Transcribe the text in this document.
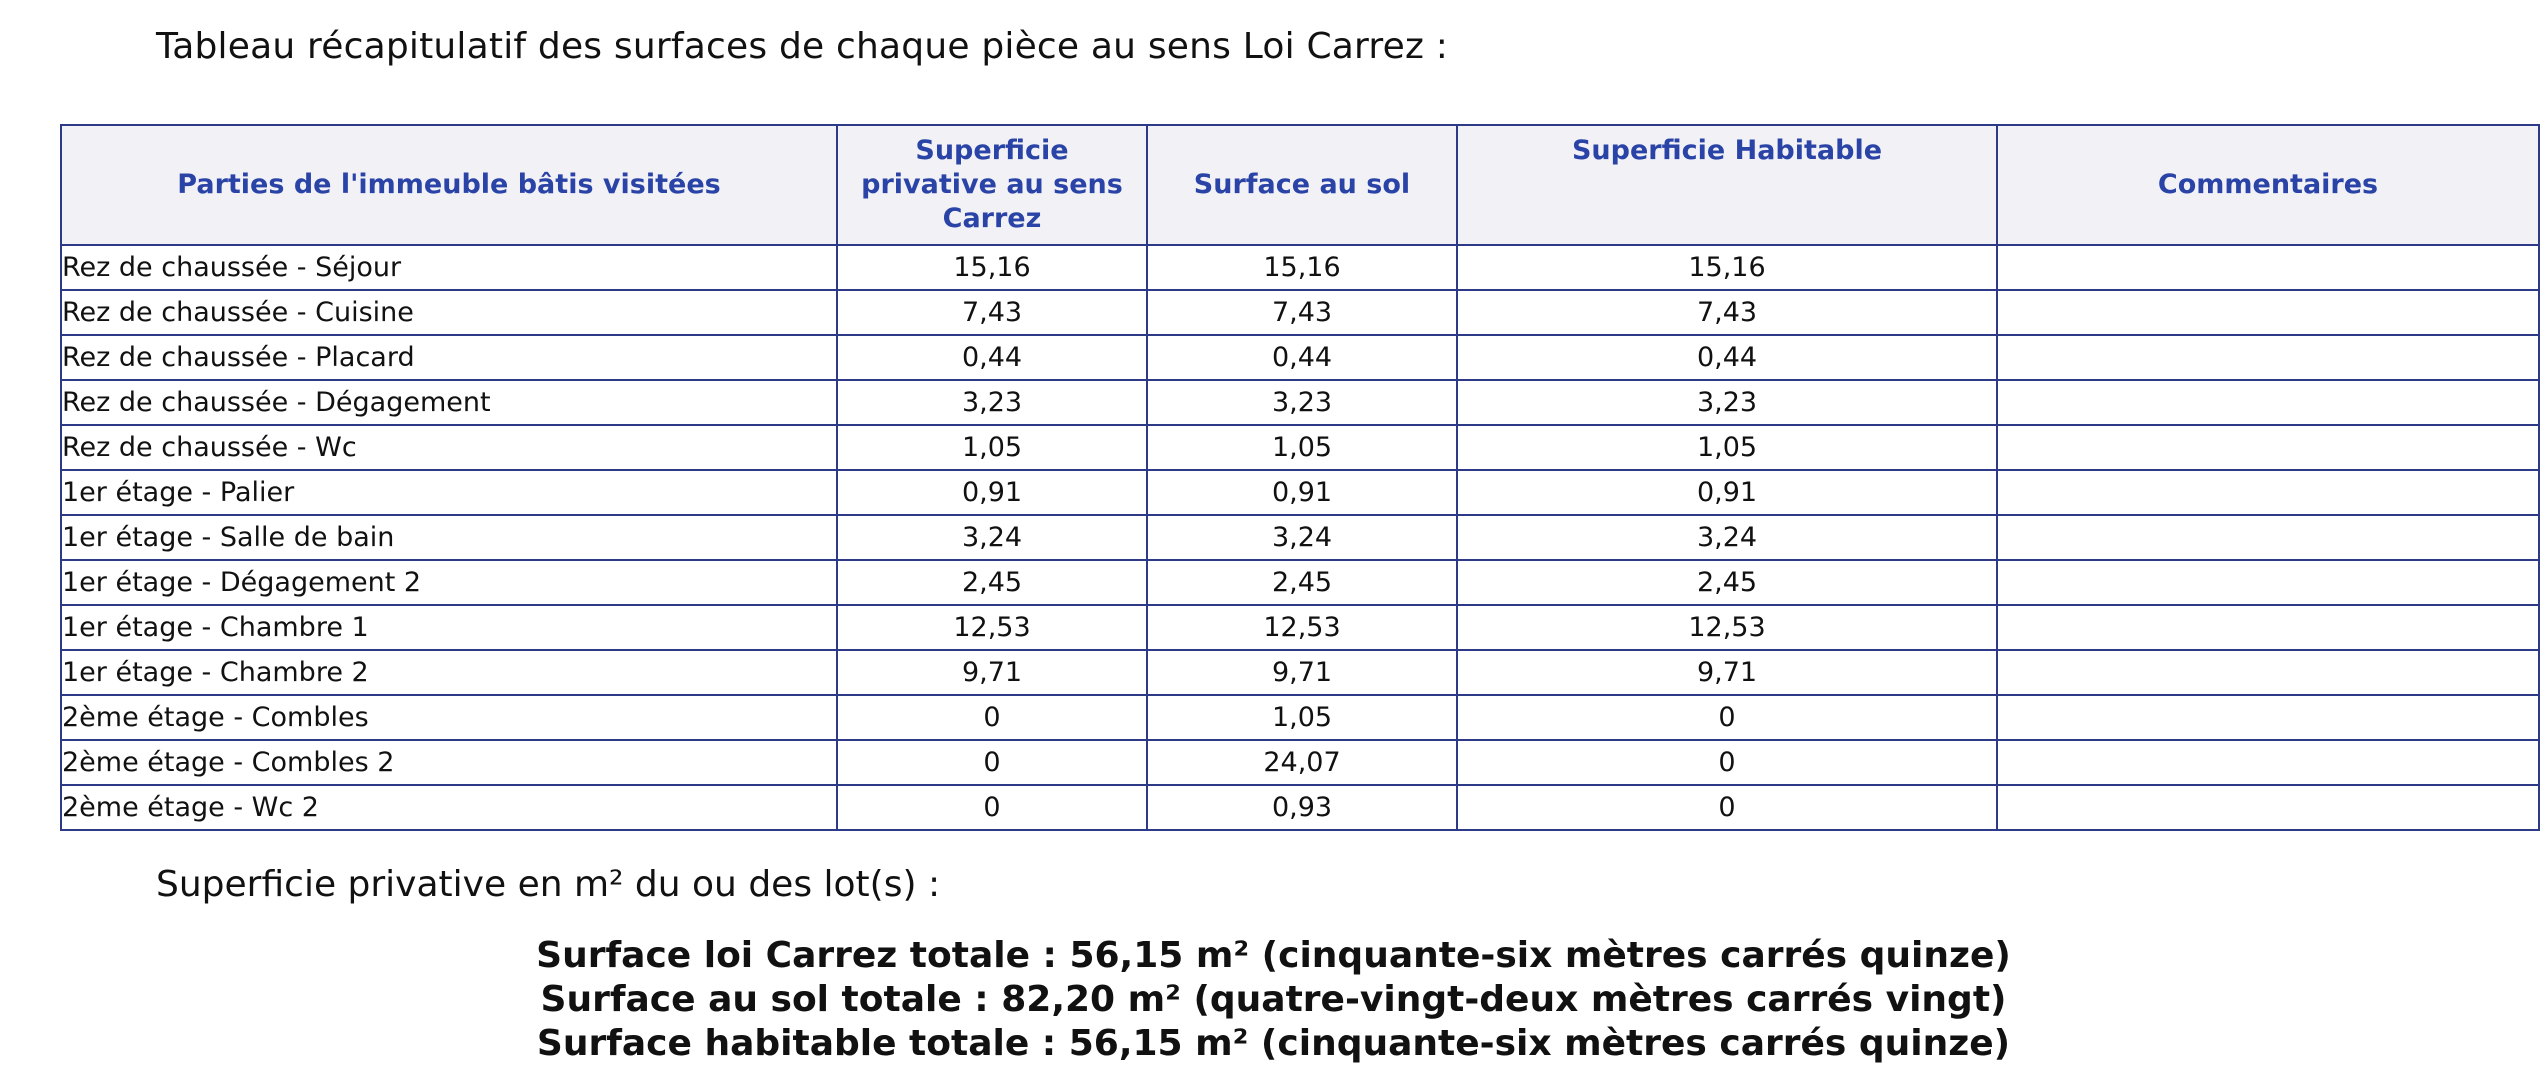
Tableau récapitulatif des surfaces de chaque pièce au sens Loi Carrez :
Parties de l'immeuble bâtis visitées	Superficie privative au sens Carrez	Surface au sol	Superficie Habitable	Commentaires
Rez de chaussée - Séjour	15,16	15,16	15,16	
Rez de chaussée - Cuisine	7,43	7,43	7,43	
Rez de chaussée - Placard	0,44	0,44	0,44	
Rez de chaussée - Dégagement	3,23	3,23	3,23	
Rez de chaussée - Wc	1,05	1,05	1,05	
1er étage - Palier	0,91	0,91	0,91	
1er étage - Salle de bain	3,24	3,24	3,24	
1er étage - Dégagement 2	2,45	2,45	2,45	
1er étage - Chambre 1	12,53	12,53	12,53	
1er étage - Chambre 2	9,71	9,71	9,71	
2ème étage - Combles	0	1,05	0	
2ème étage - Combles 2	0	24,07	0	
2ème étage - Wc 2	0	0,93	0	
Superficie privative en m² du ou des lot(s) :
Surface loi Carrez totale : 56,15 m² (cinquante-six mètres carrés quinze)
Surface au sol totale : 82,20 m² (quatre-vingt-deux mètres carrés vingt)
Surface habitable totale : 56,15 m² (cinquante-six mètres carrés quinze)
